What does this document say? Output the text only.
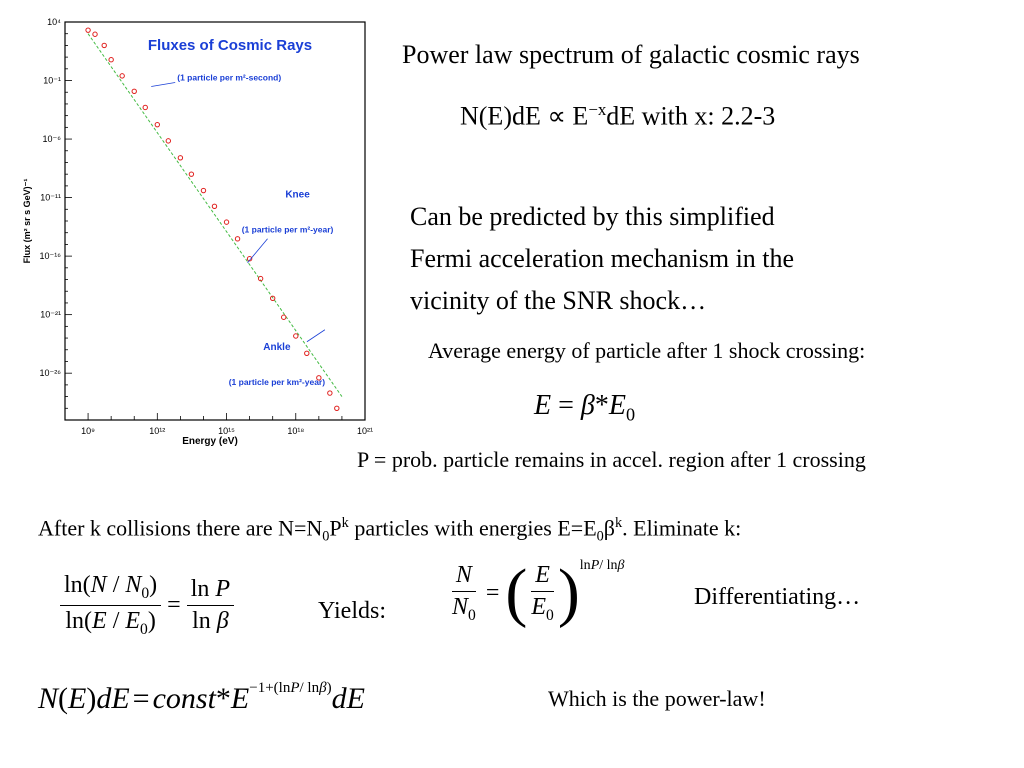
10⁹	10¹²	10¹⁵	10¹⁸	10²¹
10⁴
10⁻¹
10⁻⁶
10⁻¹¹
10⁻¹⁶
10⁻²¹
10⁻²⁶
Fluxes of Cosmic Rays
Energy (eV)
Flux (m² sr s GeV)⁻¹
(1 particle per m²-second)
Knee
(1 particle per m²-year)
Ankle
(1 particle per km²-year)
Power law spectrum of galactic cosmic rays
$N(E)dE \propto E^{-x}dE$ with x: 2.2-3
Can be predicted by this simplified
Fermi acceleration mechanism in the
vicinity of the SNR shock…
Average energy of particle after 1 shock crossing:
$E = \beta*E_0$
P = prob. particle remains in accel. region after 1 crossing
After k collisions there are $N=N_0P^k$ particles with energies $E=E_0\beta^k$. Eliminate k:
$\frac{\ln(N / N_0)}{\ln(E / E_0)} = \frac{\text{ln P}}{\text{ln β}}$	Yields:	$\frac{N}{N_0}$ = ( $\frac{E}{E_0}$ ) lnP/ lnβ
Differentiating…
$N(E)dE = const*E^{-1+(lnP/ ln\beta)}dE$	Which is the power-law!
